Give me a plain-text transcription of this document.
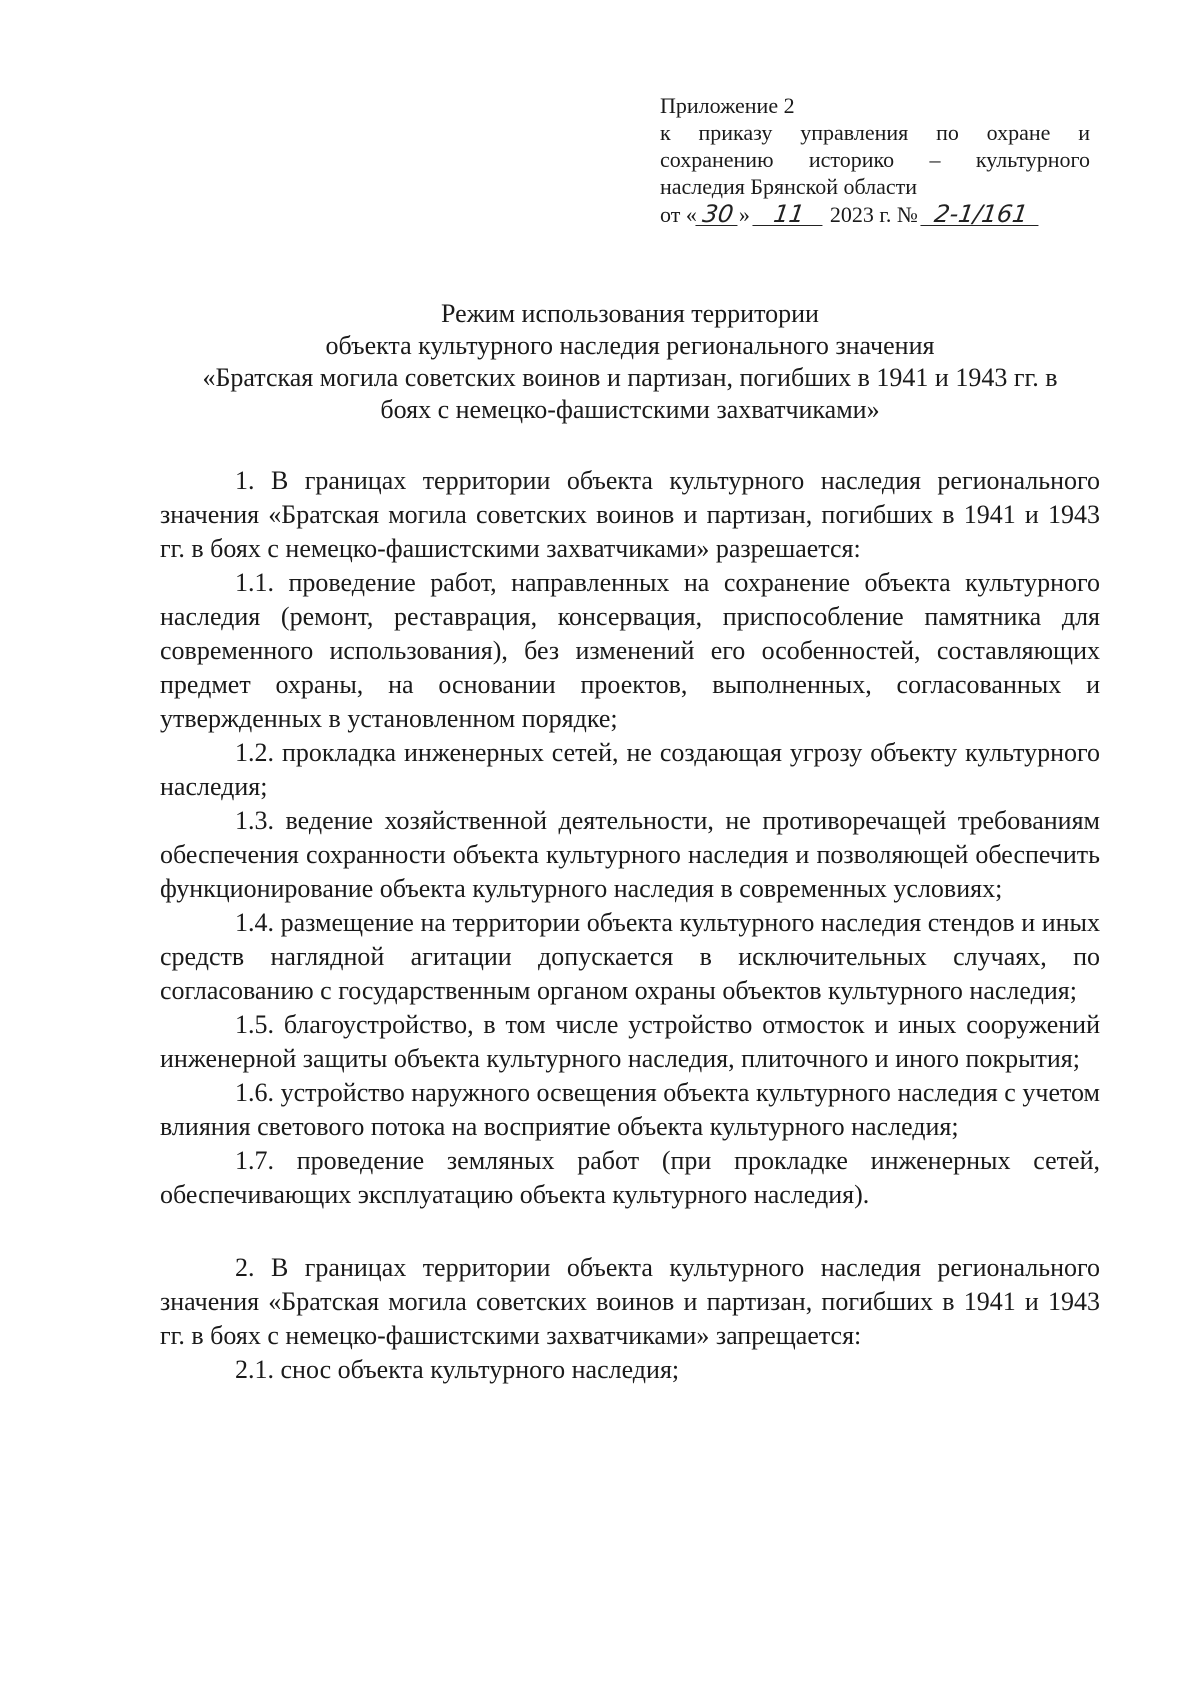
Приложение 2
к приказу управления по охране и
сохранению историко – культурного
наследия Брянской области
от « 30 » 11	2023 г. № 2-1/161
Режим использования территории
объекта культурного наследия регионального значения
«Братская могила советских воинов и партизан, погибших в 1941 и 1943 гг. в
боях с немецко-фашистскими захватчиками»

1. В границах территории объекта культурного наследия регионального значения «Братская могила советских воинов и партизан, погибших в 1941 и 1943 гг. в боях с немецко-фашистскими захватчиками» разрешается:

1.1. проведение работ, направленных на сохранение объекта культурного наследия (ремонт, реставрация, консервация, приспособление памятника для современного использования), без изменений его особенностей, составляющих предмет охраны, на основании проектов, выполненных, согласованных и утвержденных в установленном порядке;

1.2. прокладка инженерных сетей, не создающая угрозу объекту культурного наследия;

1.3. ведение хозяйственной деятельности, не противоречащей требованиям обеспечения сохранности объекта культурного наследия и позволяющей обеспечить функционирование объекта культурного наследия в современных условиях;

1.4. размещение на территории объекта культурного наследия стендов и иных средств наглядной агитации допускается в исключительных случаях, по согласованию с государственным органом охраны объектов культурного наследия;

1.5. благоустройство, в том числе устройство отмосток и иных сооружений инженерной защиты объекта культурного наследия, плиточного и иного покрытия;

1.6. устройство наружного освещения объекта культурного наследия с учетом влияния светового потока на восприятие объекта культурного наследия;

1.7. проведение земляных работ (при прокладке инженерных сетей, обеспечивающих эксплуатацию объекта культурного наследия).

2. В границах территории объекта культурного наследия регионального значения «Братская могила советских воинов и партизан, погибших в 1941 и 1943 гг. в боях с немецко-фашистскими захватчиками» запрещается:

2.1. снос объекта культурного наследия;
